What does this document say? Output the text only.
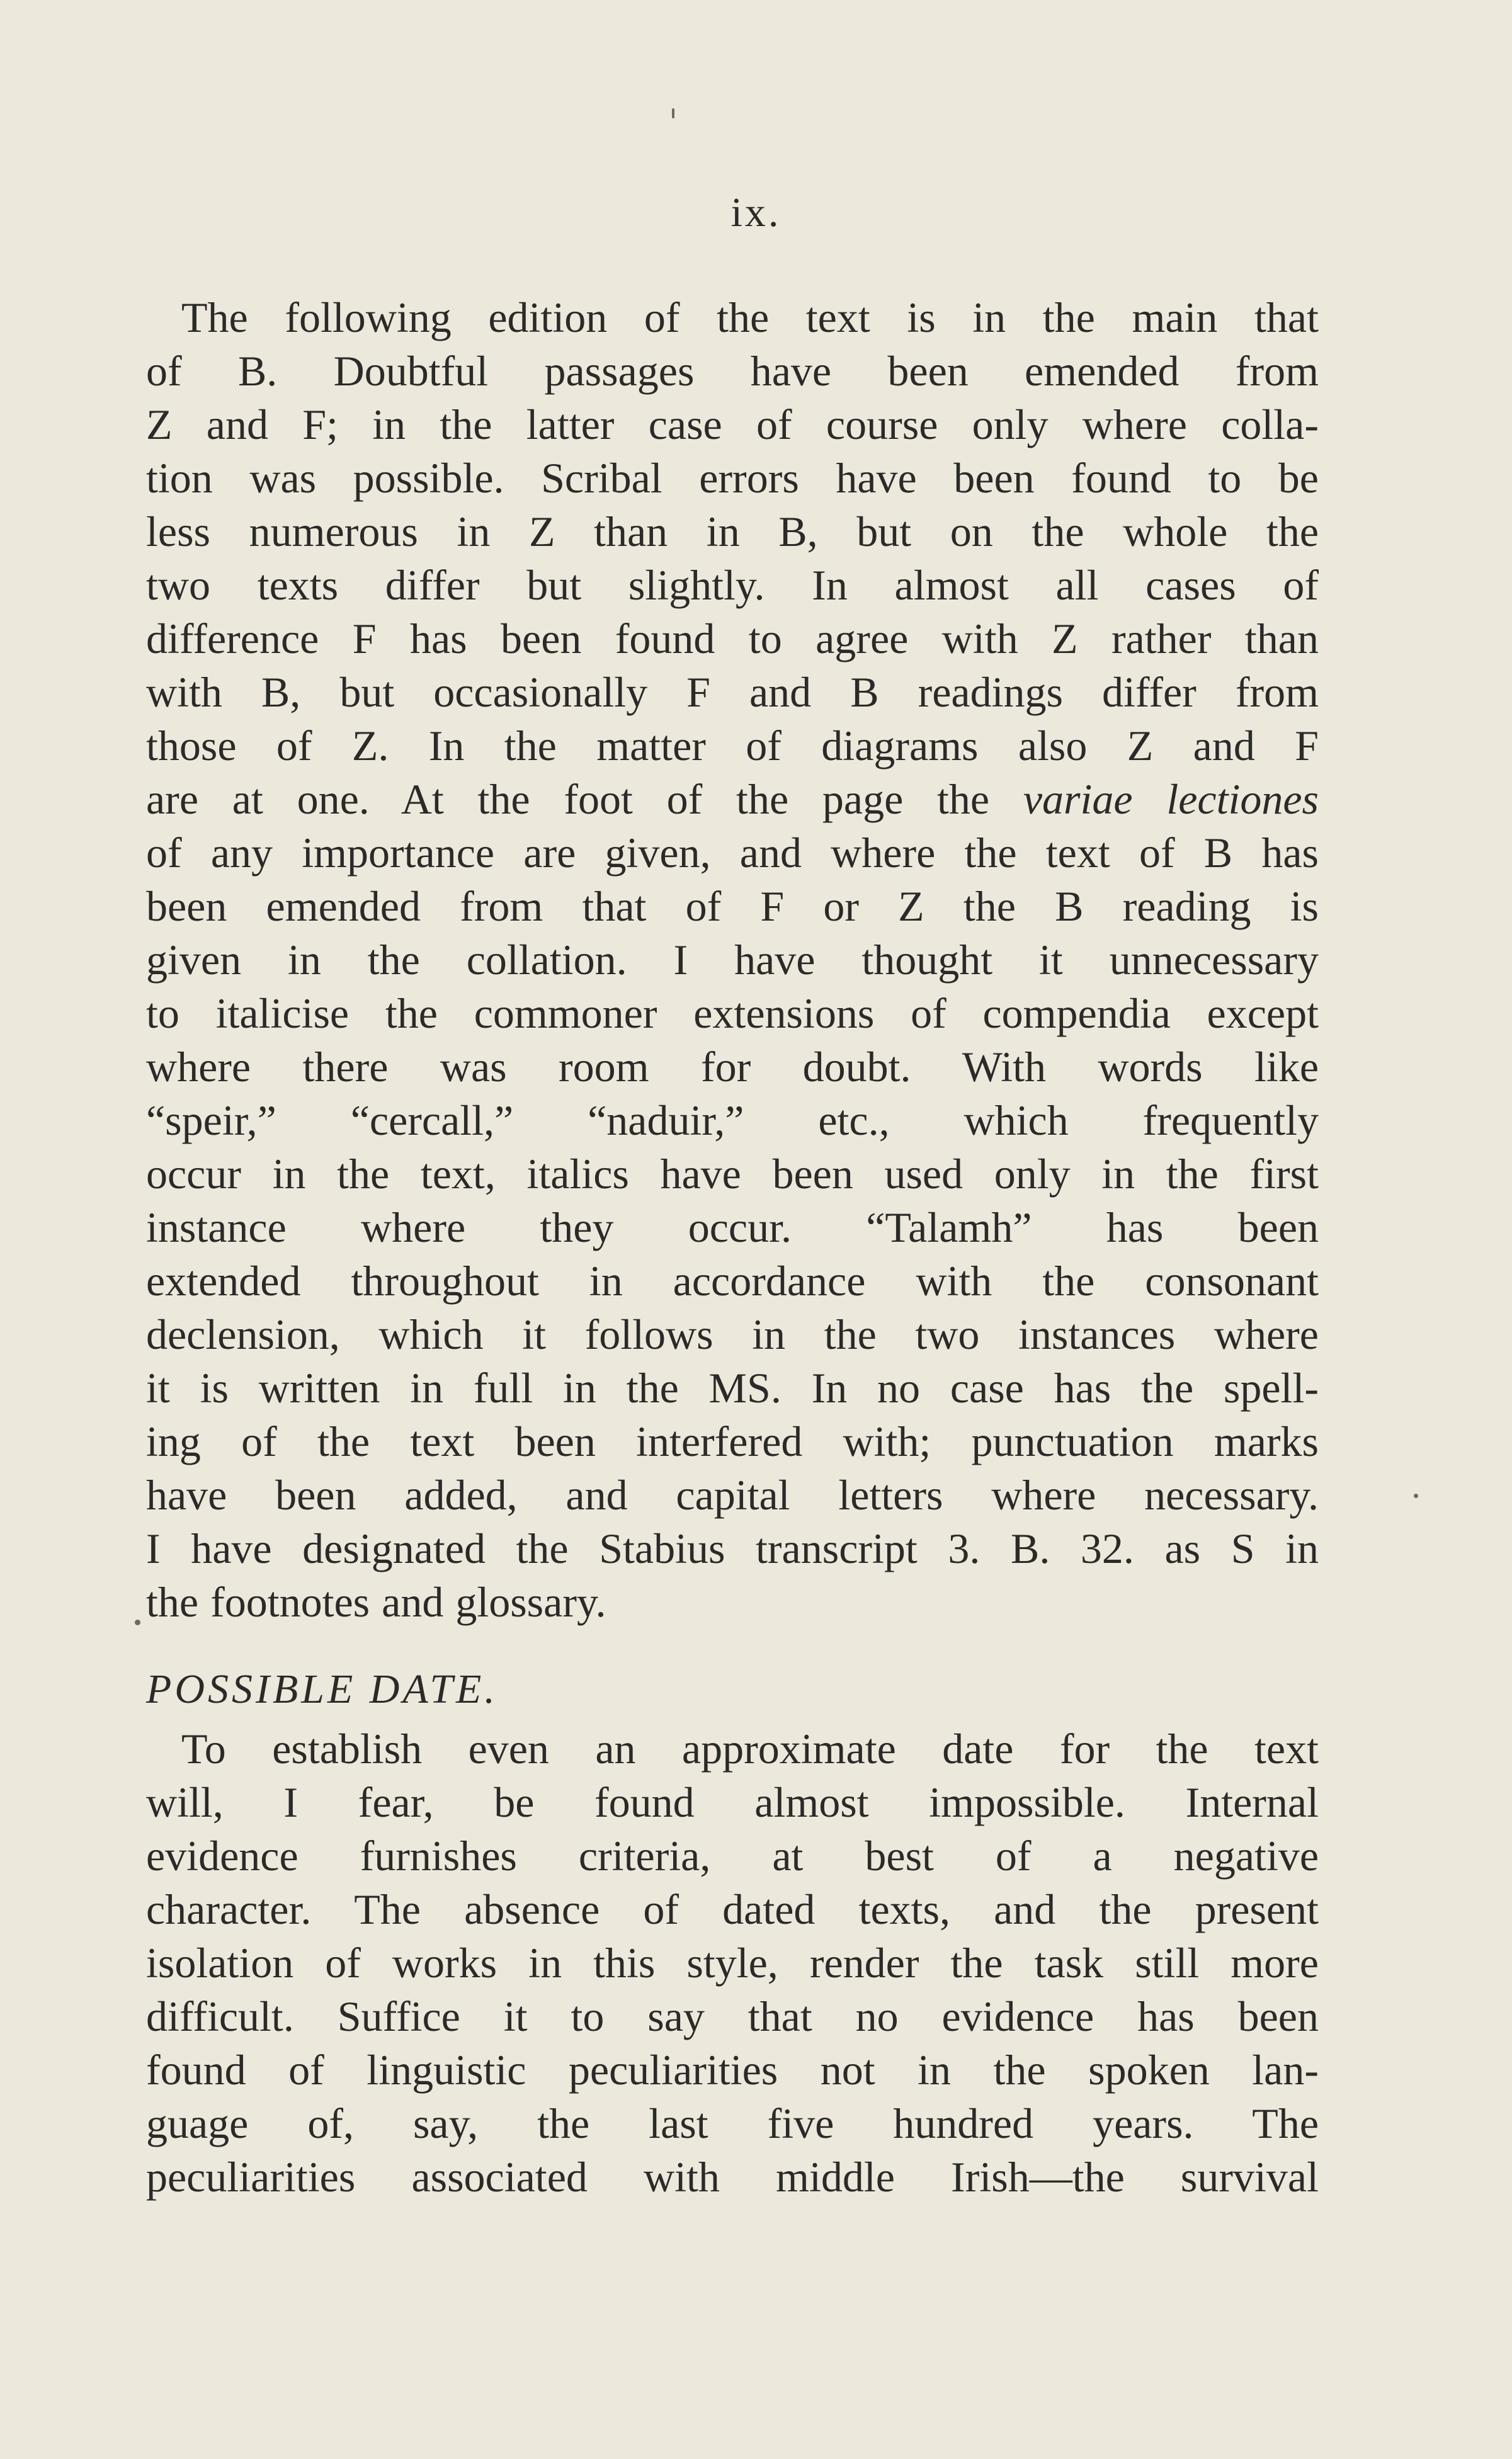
ix.
The following edition of the text is in the main that
of B. Doubtful passages have been emended from
Z and F; in the latter case of course only where colla-
tion was possible. Scribal errors have been found to be
less numerous in Z than in B, but on the whole the
two texts differ but slightly. In almost all cases of
difference F has been found to agree with Z rather than
with B, but occasionally F and B readings differ from
those of Z. In the matter of diagrams also Z and F
are at one. At the foot of the page the variae lectiones
of any importance are given, and where the text of B has
been emended from that of F or Z the B reading is
given in the collation. I have thought it unnecessary
to italicise the commoner extensions of compendia except
where there was room for doubt. With words like
“speir,” “cercall,” “naduir,” etc., which frequently
occur in the text, italics have been used only in the first
instance where they occur. “Talamh” has been
extended throughout in accordance with the consonant
declension, which it follows in the two instances where
it is written in full in the MS. In no case has the spell-
ing of the text been interfered with; punctuation marks
have been added, and capital letters where necessary.
I have designated the Stabius transcript 3. B. 32. as S in
the footnotes and glossary.
POSSIBLE DATE.
To establish even an approximate date for the text
will, I fear, be found almost impossible. Internal
evidence furnishes criteria, at best of a negative
character. The absence of dated texts, and the present
isolation of works in this style, render the task still more
difficult. Suffice it to say that no evidence has been
found of linguistic peculiarities not in the spoken lan-
guage of, say, the last five hundred years. The
peculiarities associated with middle Irish—the survival
